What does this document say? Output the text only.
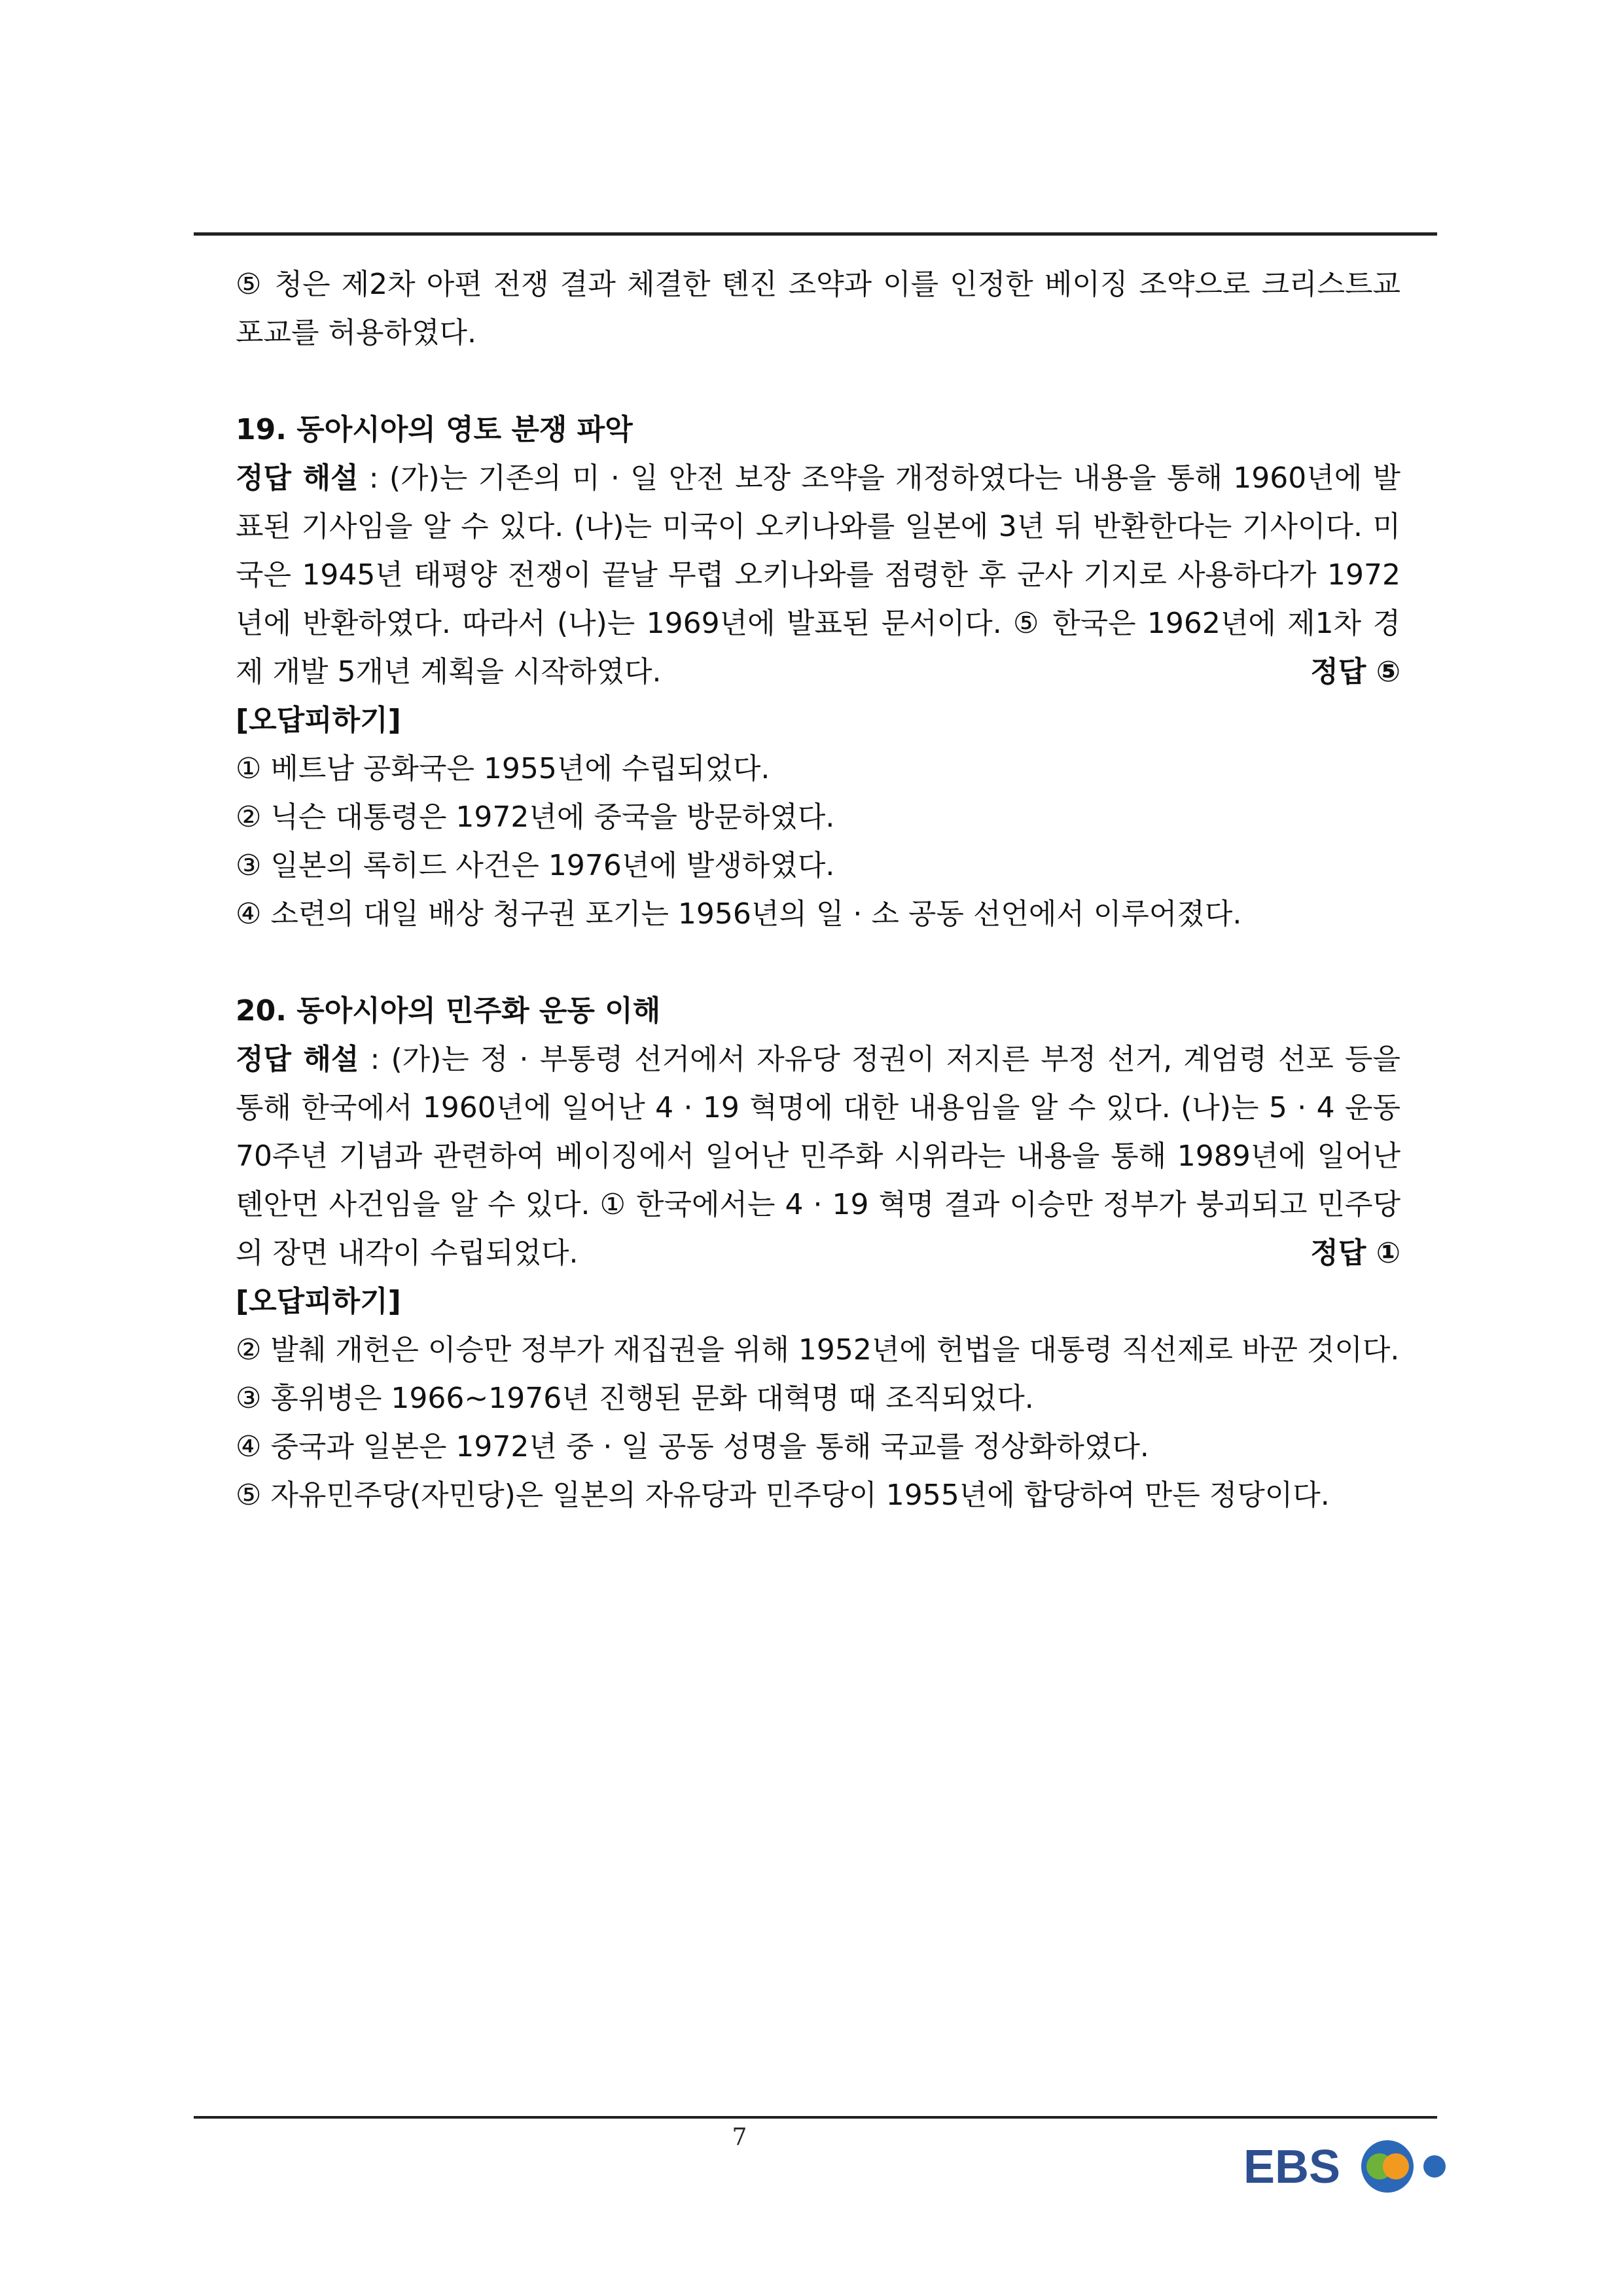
⑤ 청은 제2차 아편 전쟁 결과 체결한 톈진 조약과 이를 인정한 베이징 조약으로 크리스트교 포교를 허용하였다.

19. 동아시아의 영토 분쟁 파악

정답 해설 : (가)는 기존의 미 · 일 안전 보장 조약을 개정하였다는 내용을 통해 1960년에 발표된 기사임을 알 수 있다. (나)는 미국이 오키나와를 일본에 3년 뒤 반환한다는 기사이다. 미국은 1945년 태평양 전쟁이 끝날 무렵 오키나와를 점령한 후 군사 기지로 사용하다가 1972년에 반환하였다. 따라서 (나)는 1969년에 발표된 문서이다. ⑤ 한국은 1962년에 제1차 경제 개발 5개년 계획을 시작하였다.	정답 ⑤

[오답피하기]

① 베트남 공화국은 1955년에 수립되었다.

② 닉슨 대통령은 1972년에 중국을 방문하였다.

③ 일본의 록히드 사건은 1976년에 발생하였다.

④ 소련의 대일 배상 청구권 포기는 1956년의 일 · 소 공동 선언에서 이루어졌다.

20. 동아시아의 민주화 운동 이해

정답 해설 : (가)는 정 · 부통령 선거에서 자유당 정권이 저지른 부정 선거, 계엄령 선포 등을 통해 한국에서 1960년에 일어난 4 · 19 혁명에 대한 내용임을 알 수 있다. (나)는 5 · 4 운동 70주년 기념과 관련하여 베이징에서 일어난 민주화 시위라는 내용을 통해 1989년에 일어난 톈안먼 사건임을 알 수 있다. ① 한국에서는 4 · 19 혁명 결과 이승만 정부가 붕괴되고 민주당의 장면 내각이 수립되었다.	정답 ①

[오답피하기]

② 발췌 개헌은 이승만 정부가 재집권을 위해 1952년에 헌법을 대통령 직선제로 바꾼 것이다.

③ 홍위병은 1966~1976년 진행된 문화 대혁명 때 조직되었다.

④ 중국과 일본은 1972년 중 · 일 공동 성명을 통해 국교를 정상화하였다.

⑤ 자유민주당(자민당)은 일본의 자유당과 민주당이 1955년에 합당하여 만든 정당이다.

7
EBS
